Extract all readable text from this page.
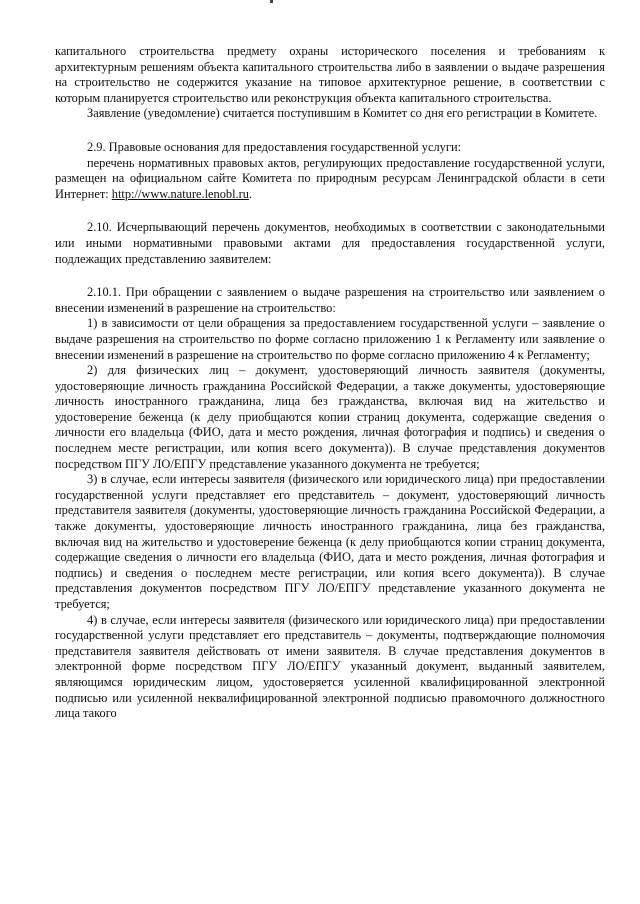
капитального строительства предмету охраны исторического поселения и требованиям к архитектурным решениям объекта капитального строительства либо в заявлении о выдаче разрешения на строительство не содержится указание на типовое архитектурное решение, в соответствии с которым планируется строительство или реконструкция объекта капитального строительства.

Заявление (уведомление) считается поступившим в Комитет со дня его регистрации в Комитете.

2.9. Правовые основания для предоставления государственной услуги:

перечень нормативных правовых актов, регулирующих предоставление государственной услуги, размещен на официальном сайте Комитета по природным ресурсам Ленинградской области в сети Интернет: http://www.nature.lenobl.ru.

2.10. Исчерпывающий перечень документов, необходимых в соответствии с законодательными или иными нормативными правовыми актами для предоставления государственной услуги, подлежащих представлению заявителем:

2.10.1. При обращении с заявлением о выдаче разрешения на строительство или заявлением о внесении изменений в разрешение на строительство:

1) в зависимости от цели обращения за предоставлением государственной услуги – заявление о выдаче разрешения на строительство по форме согласно приложению 1 к Регламенту или заявление о внесении изменений в разрешение на строительство по форме согласно приложению 4 к Регламенту;

2) для физических лиц – документ, удостоверяющий личность заявителя (документы, удостоверяющие личность гражданина Российской Федерации, а также документы, удостоверяющие личность иностранного гражданина, лица без гражданства, включая вид на жительство и удостоверение беженца (к делу приобщаются копии страниц документа, содержащие сведения о личности его владельца (ФИО, дата и место рождения, личная фотография и подпись) и сведения о последнем месте регистрации, или копия всего документа)). В случае представления документов посредством ПГУ ЛО/ЕПГУ представление указанного документа не требуется;

3) в случае, если интересы заявителя (физического или юридического лица) при предоставлении государственной услуги представляет его представитель – документ, удостоверяющий личность представителя заявителя (документы, удостоверяющие личность гражданина Российской Федерации, а также документы, удостоверяющие личность иностранного гражданина, лица без гражданства, включая вид на жительство и удостоверение беженца (к делу приобщаются копии страниц документа, содержащие сведения о личности его владельца (ФИО, дата и место рождения, личная фотография и подпись) и сведения о последнем месте регистрации, или копия всего документа)). В случае представления документов посредством ПГУ ЛО/ЕПГУ представление указанного документа не требуется;

4) в случае, если интересы заявителя (физического или юридического лица) при предоставлении государственной услуги представляет его представитель – документы, подтверждающие полномочия представителя заявителя действовать от имени заявителя. В случае представления документов в электронной форме посредством ПГУ ЛО/ЕПГУ указанный документ, выданный заявителем, являющимся юридическим лицом, удостоверяется усиленной квалифицированной электронной подписью или усиленной неквалифицированной электронной подписью правомочного должностного лица такого
